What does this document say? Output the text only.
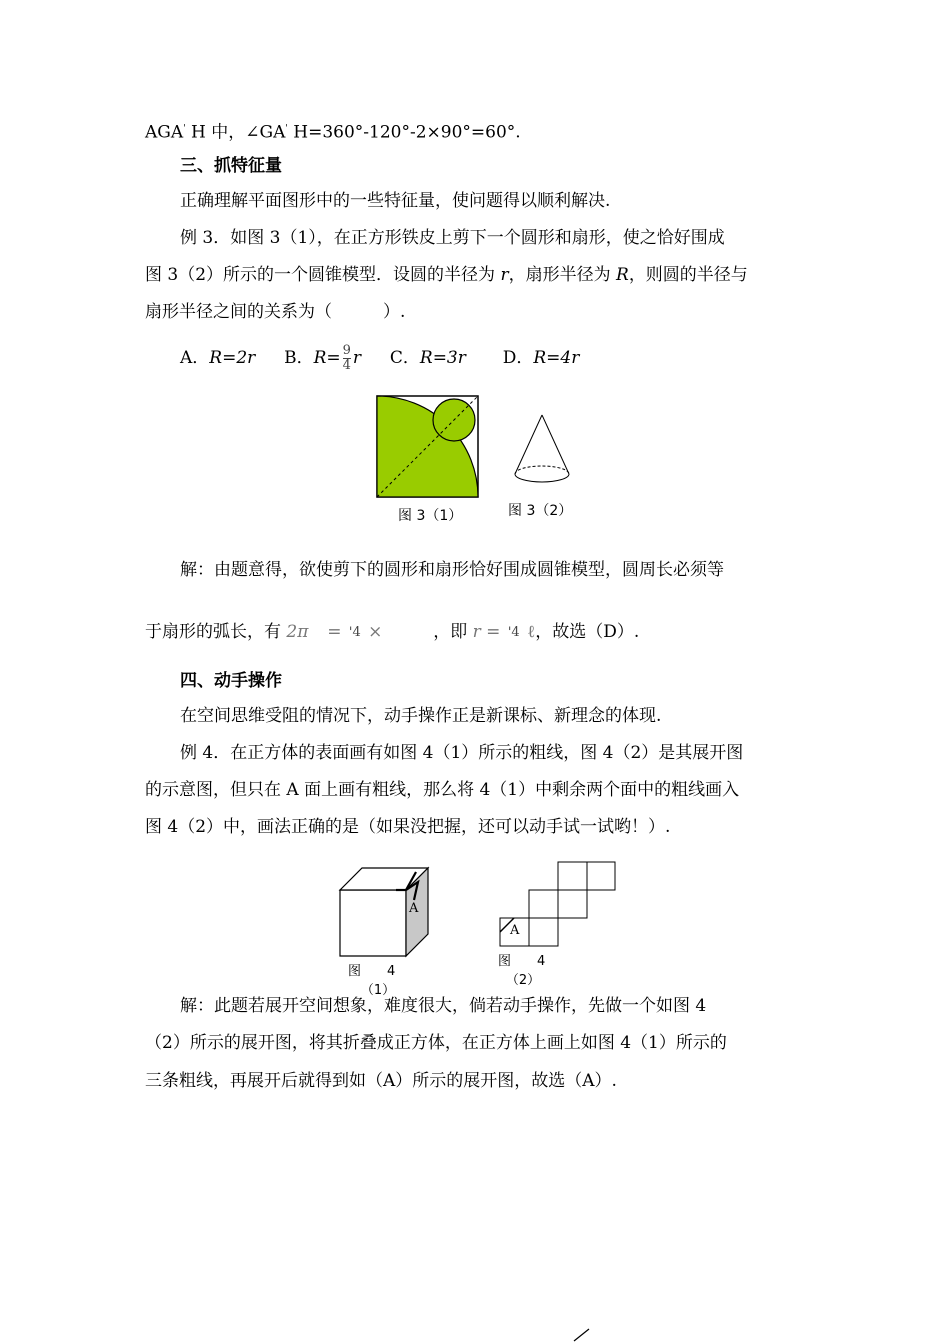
AGA' H 中，∠GA' H=360°-120°-2×90°=60°.
三、抓特征量
正确理解平面图形中的一些特征量，使问题得以顺利解决.
例 3．如图 3（1），在正方形铁皮上剪下一个圆形和扇形，使之恰好围成
图 3（2）所示的一个圆锥模型．设圆的半径为 r，扇形半径为 R，则圆的半径与
扇形半径之间的关系为（　　　）.
A．R=2r B．$R= \frac{9}{4}$ r C．R=3r D．R=4r
图 3（1）	图 3（2）
解：由题意得，欲使剪下的圆形和扇形恰好围成圆锥模型，圆周长必须等
于扇形的弧长，有 2π = '4 ×	，即 r = '4 ℓ，故选（D）.
四、动手操作
在空间思维受阻的情况下，动手操作正是新课标、新理念的体现.
例 4．在正方体的表面画有如图 4（1）所示的粗线，图 4（2）是其展开图
的示意图，但只在 A 面上画有粗线，那么将 4（1）中剩余两个面中的粗线画入
图 4（2）中，画法正确的是（如果没把握，还可以动手试一试哟！）.
A
图　　4
（1）
A
图　　4
（2）
解：此题若展开空间想象，难度很大，倘若动手操作，先做一个如图 4
（2）所示的展开图，将其折叠成正方体，在正方体上画上如图 4（1）所示的
三条粗线，再展开后就得到如（A）所示的展开图，故选（A）.
